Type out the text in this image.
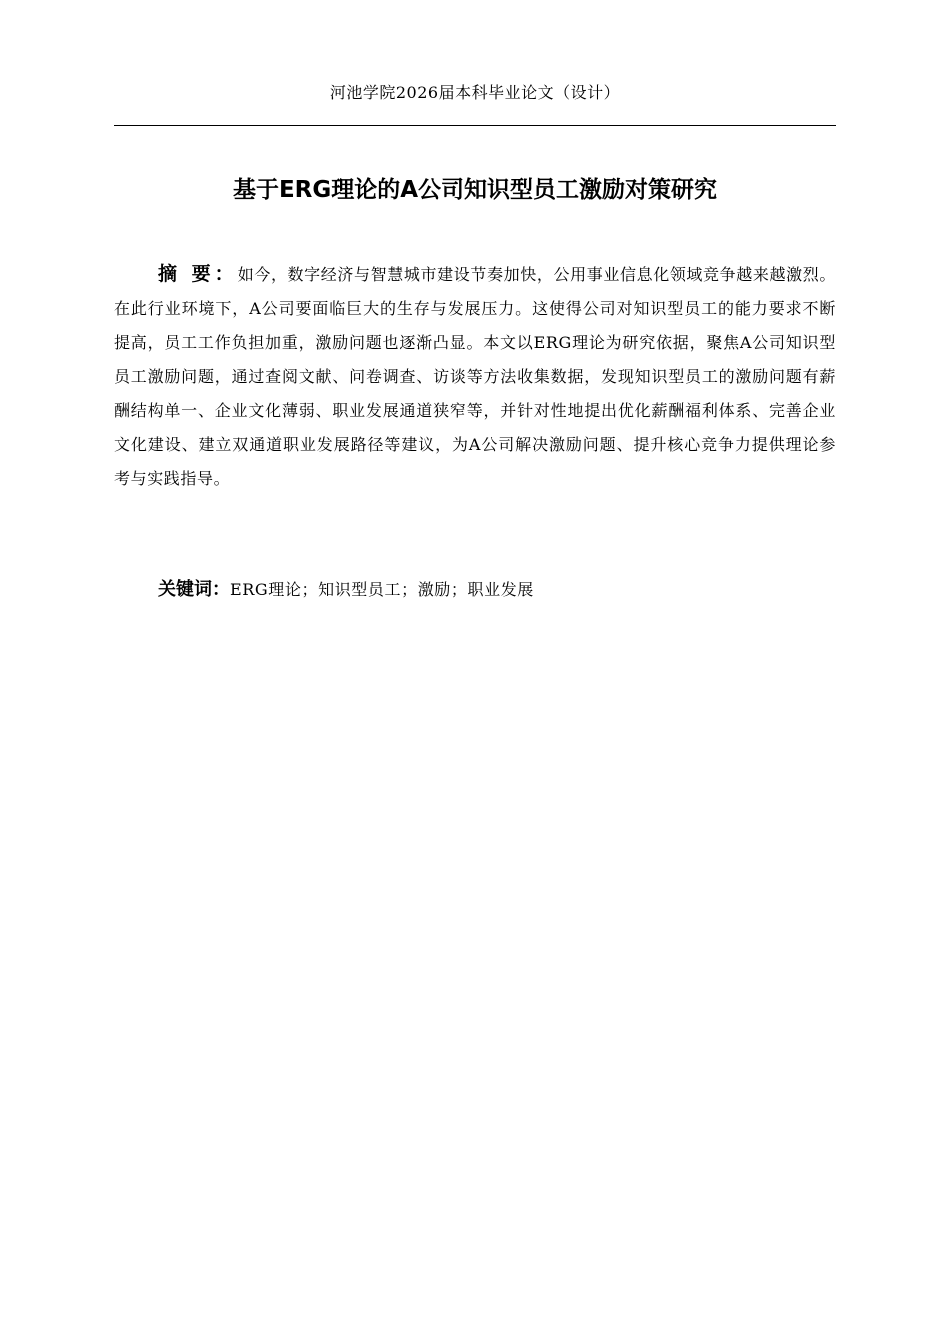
河池学院2026届本科毕业论文（设计）
基于ERG理论的A公司知识型员工激励对策研究

摘 要：如今，数字经济与智慧城市建设节奏加快，公用事业信息化领域竞争越来越激烈。在此行业环境下，A公司要面临巨大的生存与发展压力。这使得公司对知识型员工的能力要求不断提高，员工工作负担加重，激励问题也逐渐凸显。本文以ERG理论为研究依据，聚焦A公司知识型员工激励问题，通过查阅文献、问卷调查、访谈等方法收集数据，发现知识型员工的激励问题有薪酬结构单一、企业文化薄弱、职业发展通道狭窄等，并针对性地提出优化薪酬福利体系、完善企业文化建设、建立双通道职业发展路径等建议，为A公司解决激励问题、提升核心竞争力提供理论参考与实践指导。

关键词：ERG理论；知识型员工；激励；职业发展
